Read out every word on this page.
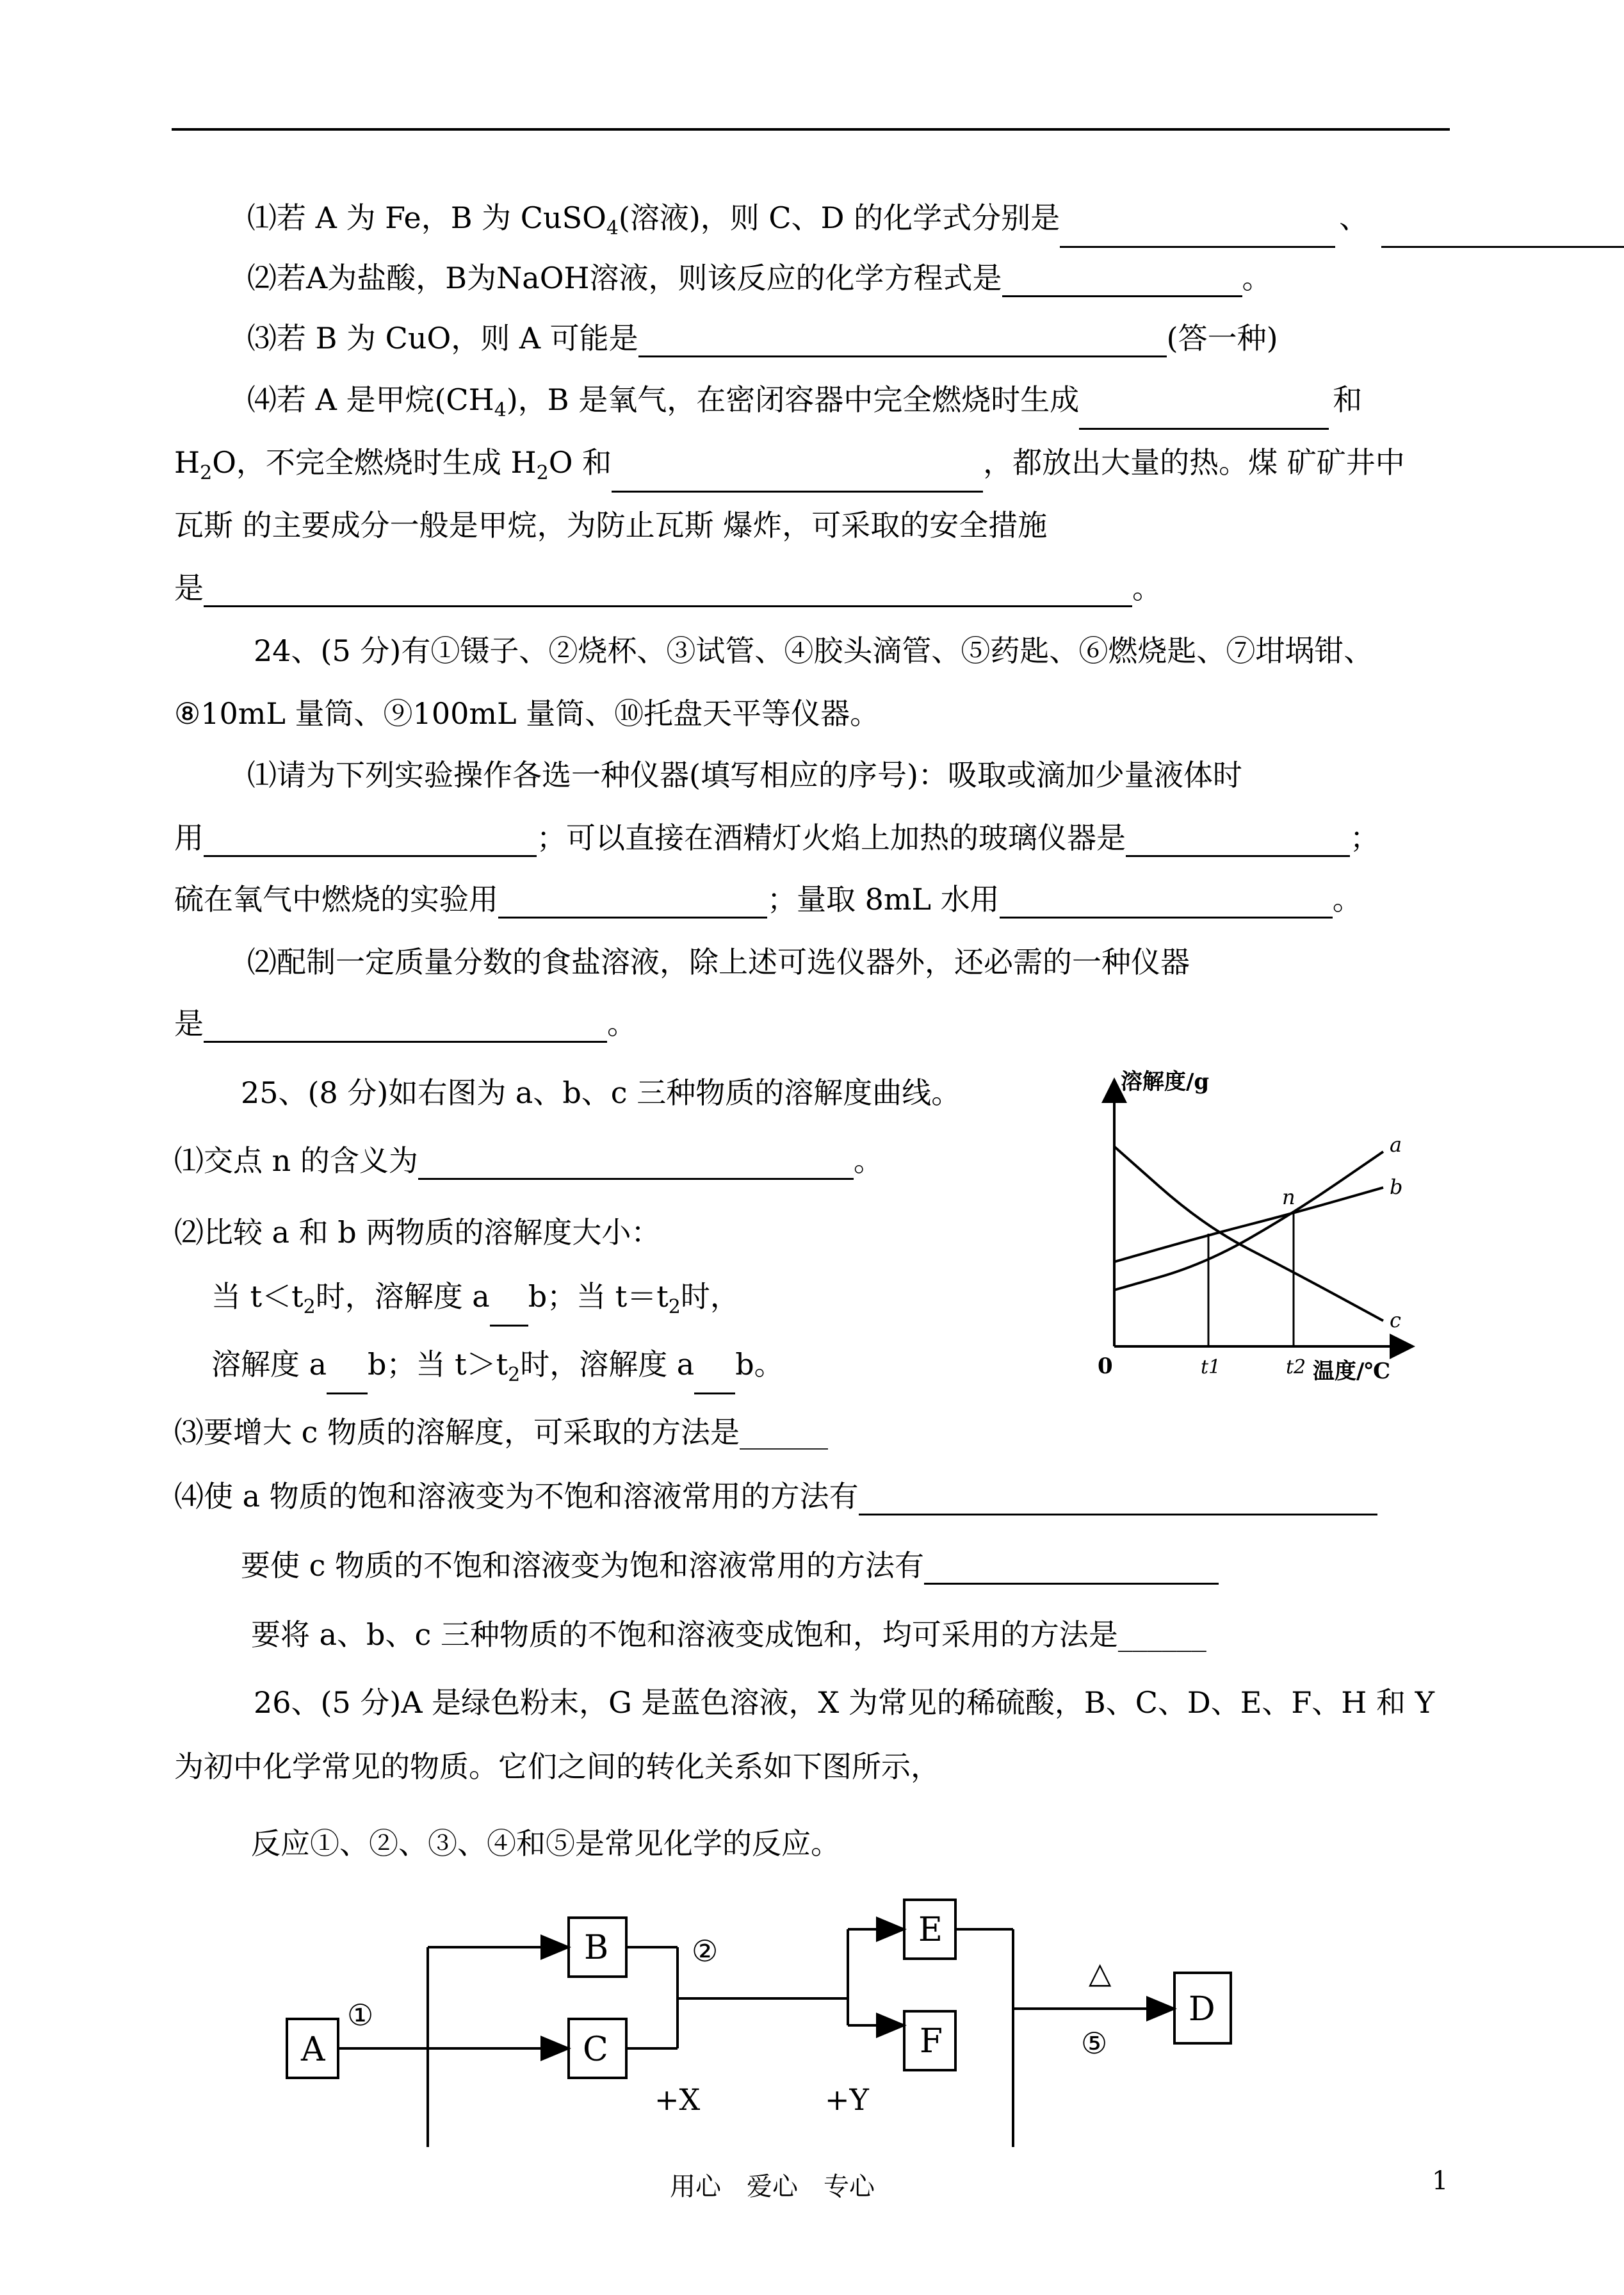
⑴若 A 为 Fe，B 为 CuSO$_4$(溶液)，则 C、D 的化学式分别是	、
⑵若A为盐酸，B为NaOH溶液，则该反应的化学方程式是	。
⑶若 B 为 CuO，则 A 可能是	(答一种)
⑷若 A 是甲烷$(CH_4)$，B 是氧气，在密闭容器中完全燃烧时生成	和
$H_2O$，不完全燃烧时生成 $H_2O$ 和	，都放出大量的热。煤 矿矿井中
瓦斯 的主要成分一般是甲烷，为防止瓦斯 爆炸，可采取的安全措施
是	。
24、(5 分)有①镊子、②烧杯、③试管、④胶头滴管、⑤药匙、⑥燃烧匙、⑦坩埚钳、
⑧10mL 量筒、⑨100mL 量筒、⑩托盘天平等仪器。
⑴请为下列实验操作各选一种仪器(填写相应的序号)：吸取或滴加少量液体时
用	；可以直接在酒精灯火焰上加热的玻璃仪器是	；
硫在氧气中燃烧的实验用	；量取 8mL 水用	。
⑵配制一定质量分数的食盐溶液，除上述可选仪器外，还必需的一种仪器
是	。
25、(8 分)如右图为 a、b、c 三种物质的溶解度曲线。
⑴交点 n 的含义为	。
⑵比较 a 和 b 两物质的溶解度大小：
当 $t<t_2$时，溶解度 a b；当 $t=t_2$时，
溶解度 a b；当 $t>t_2$时，溶解度 a b。
⑶要增大 c 物质的溶解度，可采取的方法是______
⑷使 a 物质的饱和溶液变为不饱和溶液常用的方法有
要使 c 物质的不饱和溶液变为饱和溶液常用的方法有
要将 a、b、c 三种物质的不饱和溶液变成饱和，均可采用的方法是______
溶解度/g
温度/℃
0
a
b
c
t1	t2
n
26、(5 分)A 是绿色粉末，G 是蓝色溶液，X 为常见的稀硫酸，B、C、D、E、F、H 和 Y
为初中化学常见的物质。它们之间的转化关系如下图所示，
反应①、②、③、④和⑤是常见化学的反应。
A
B
C
E
F
D
①
②
△
⑤
+X	+Y
用心　爱心　专心	1
